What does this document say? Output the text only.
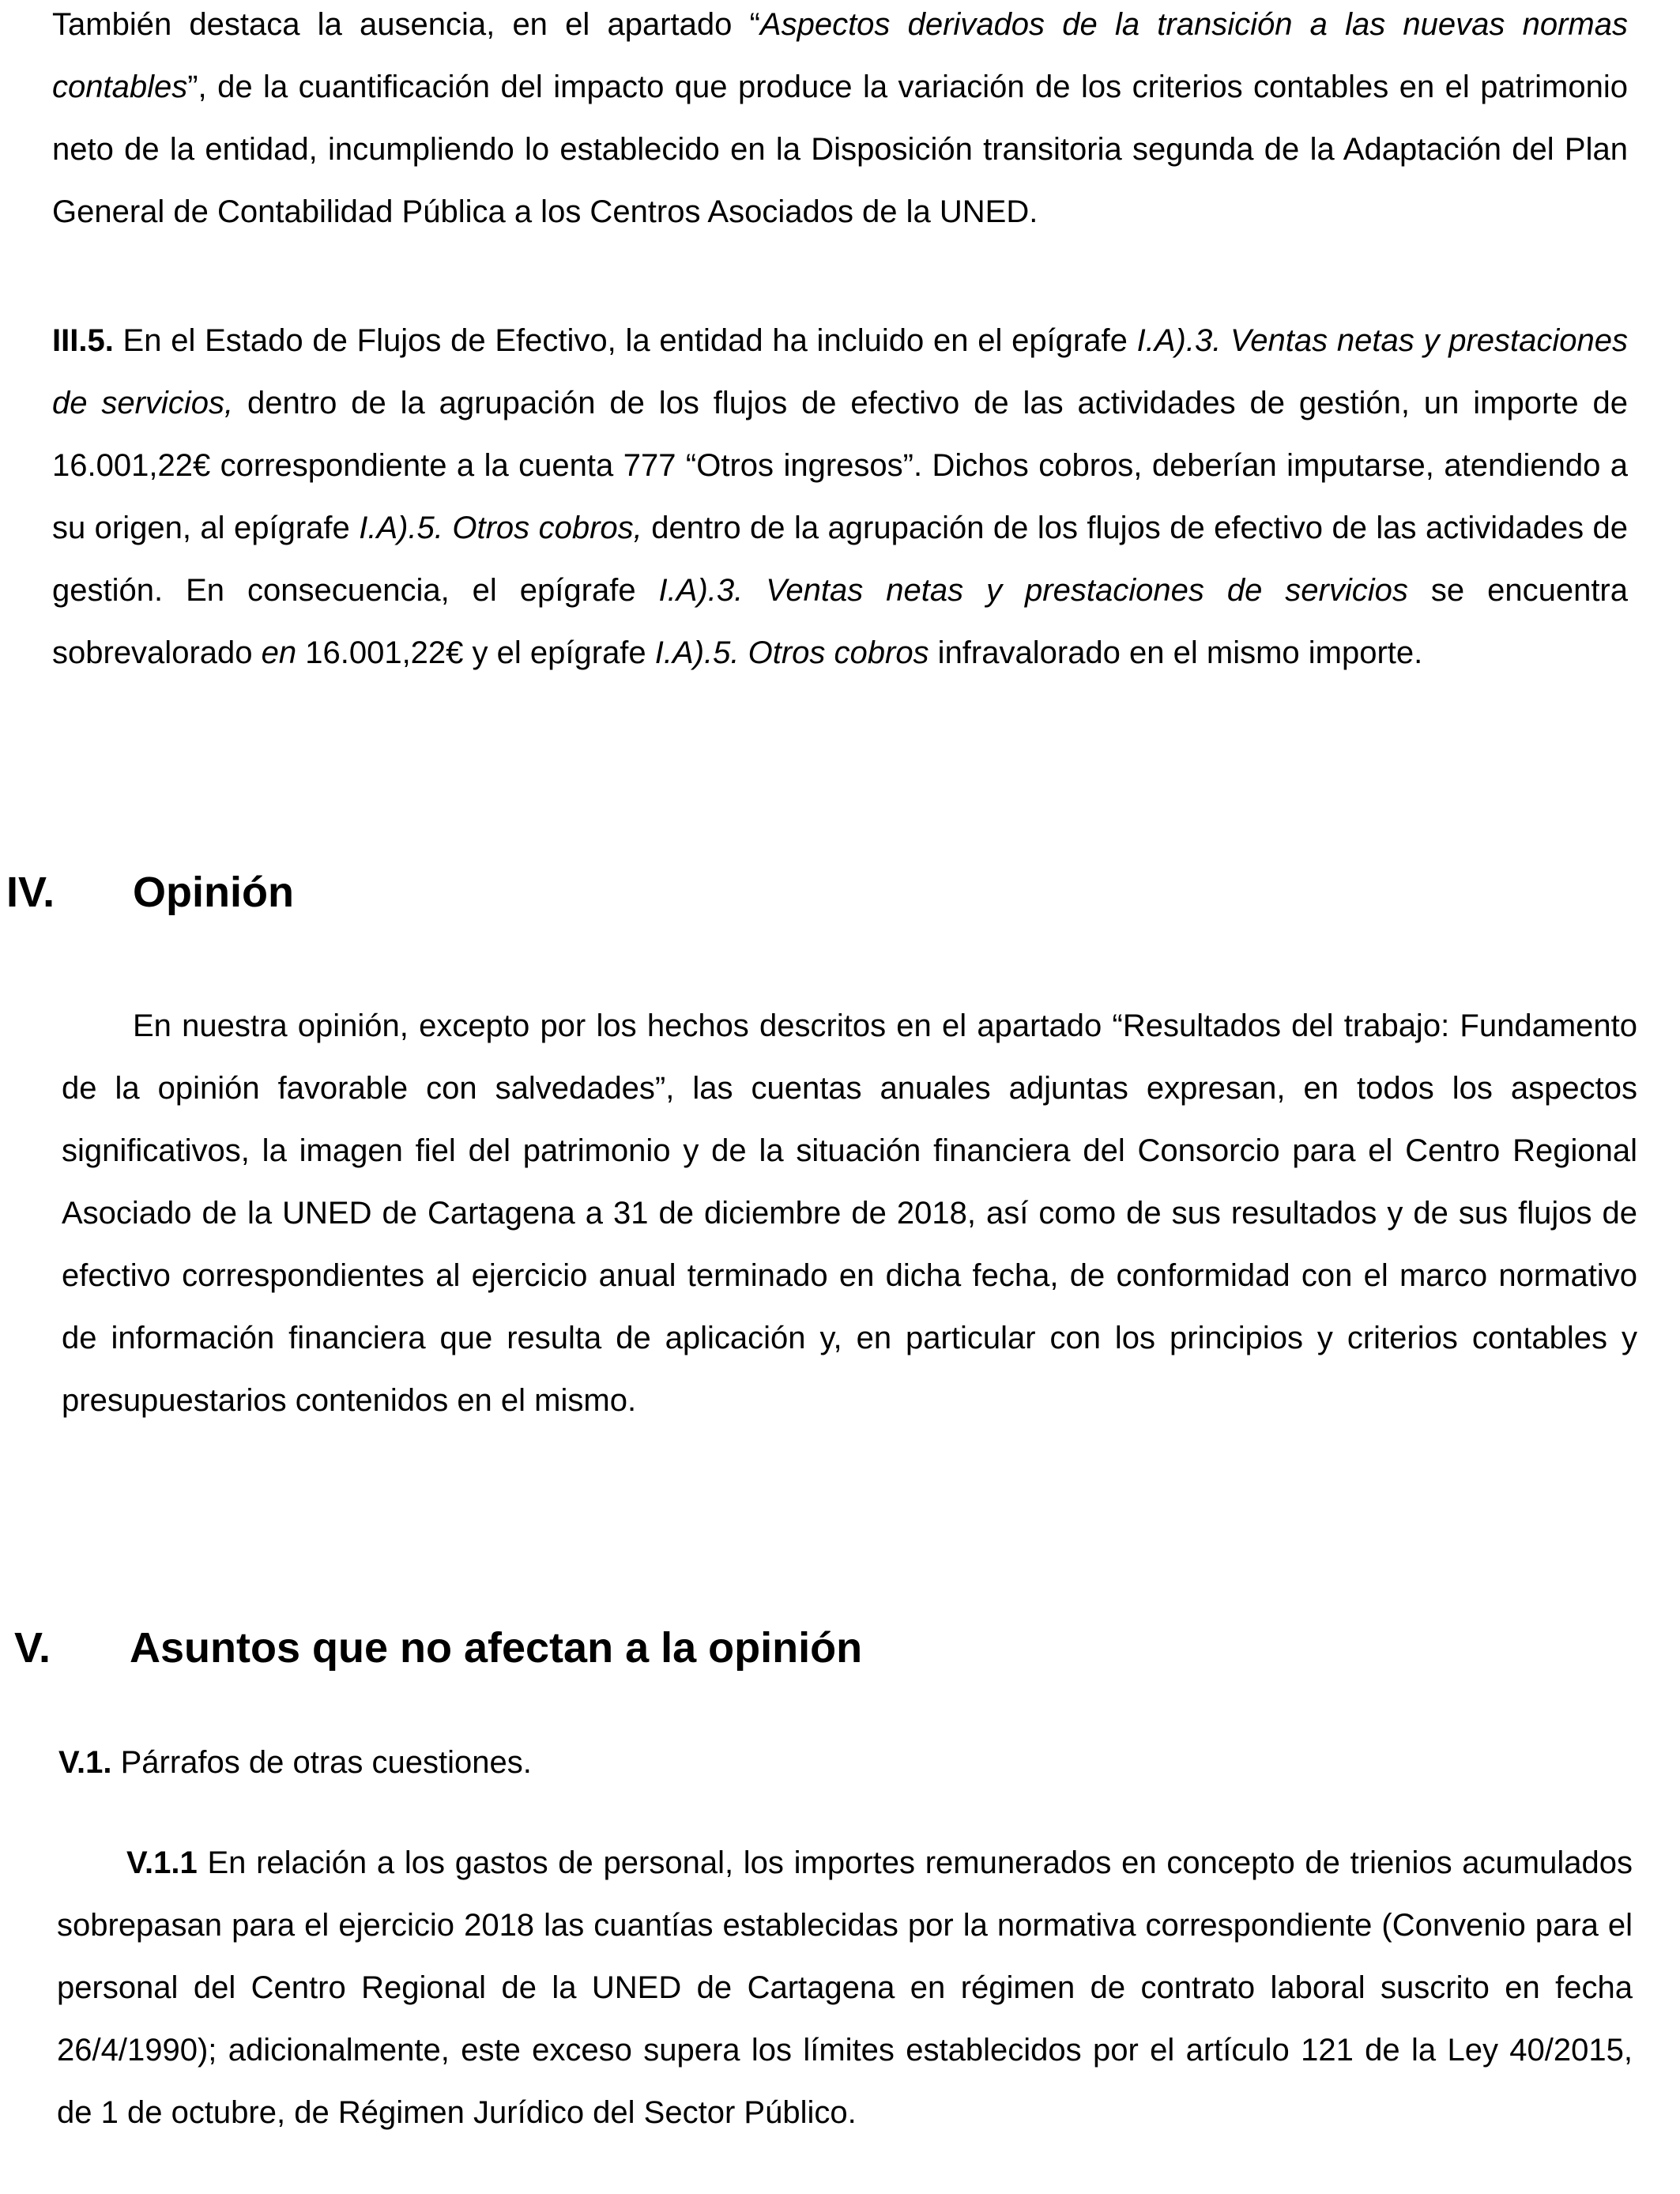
También destaca la ausencia, en el apartado “Aspectos derivados de la transición a las nuevas normas contables”, de la cuantificación del impacto que produce la variación de los criterios contables en el patrimonio neto de la entidad, incumpliendo lo establecido en la Disposición transitoria segunda de la Adaptación del Plan General de Contabilidad Pública a los Centros Asociados de la UNED.

III.5. En el Estado de Flujos de Efectivo, la entidad ha incluido en el epígrafe I.A).3. Ventas netas y prestaciones de servicios, dentro de la agrupación de los flujos de efectivo de las actividades de gestión, un importe de 16.001,22€ correspondiente a la cuenta 777 “Otros ingresos”. Dichos cobros, deberían imputarse, atendiendo a su origen, al epígrafe I.A).5. Otros cobros, dentro de la agrupación de los flujos de efectivo de las actividades de gestión. En consecuencia, el epígrafe I.A).3. Ventas netas y prestaciones de servicios se encuentra sobrevalorado en 16.001,22€ y el epígrafe I.A).5. Otros cobros infravalorado en el mismo importe.

IV. Opinión

En nuestra opinión, excepto por los hechos descritos en el apartado “Resultados del trabajo: Fundamento de la opinión favorable con salvedades”, las cuentas anuales adjuntas expresan, en todos los aspectos significativos, la imagen fiel del patrimonio y de la situación financiera del Consorcio para el Centro Regional Asociado de la UNED de Cartagena a 31 de diciembre de 2018, así como de sus resultados y de sus flujos de efectivo correspondientes al ejercicio anual terminado en dicha fecha, de conformidad con el marco normativo de información financiera que resulta de aplicación y, en particular con los principios y criterios contables y presupuestarios contenidos en el mismo.

V. Asuntos que no afectan a la opinión

V.1. Párrafos de otras cuestiones.

V.1.1 En relación a los gastos de personal, los importes remunerados en concepto de trienios acumulados sobrepasan para el ejercicio 2018 las cuantías establecidas por la normativa correspondiente (Convenio para el personal del Centro Regional de la UNED de Cartagena en régimen de contrato laboral suscrito en fecha 26/4/1990); adicionalmente, este exceso supera los límites establecidos por el artículo 121 de la Ley 40/2015, de 1 de octubre, de Régimen Jurídico del Sector Público.
